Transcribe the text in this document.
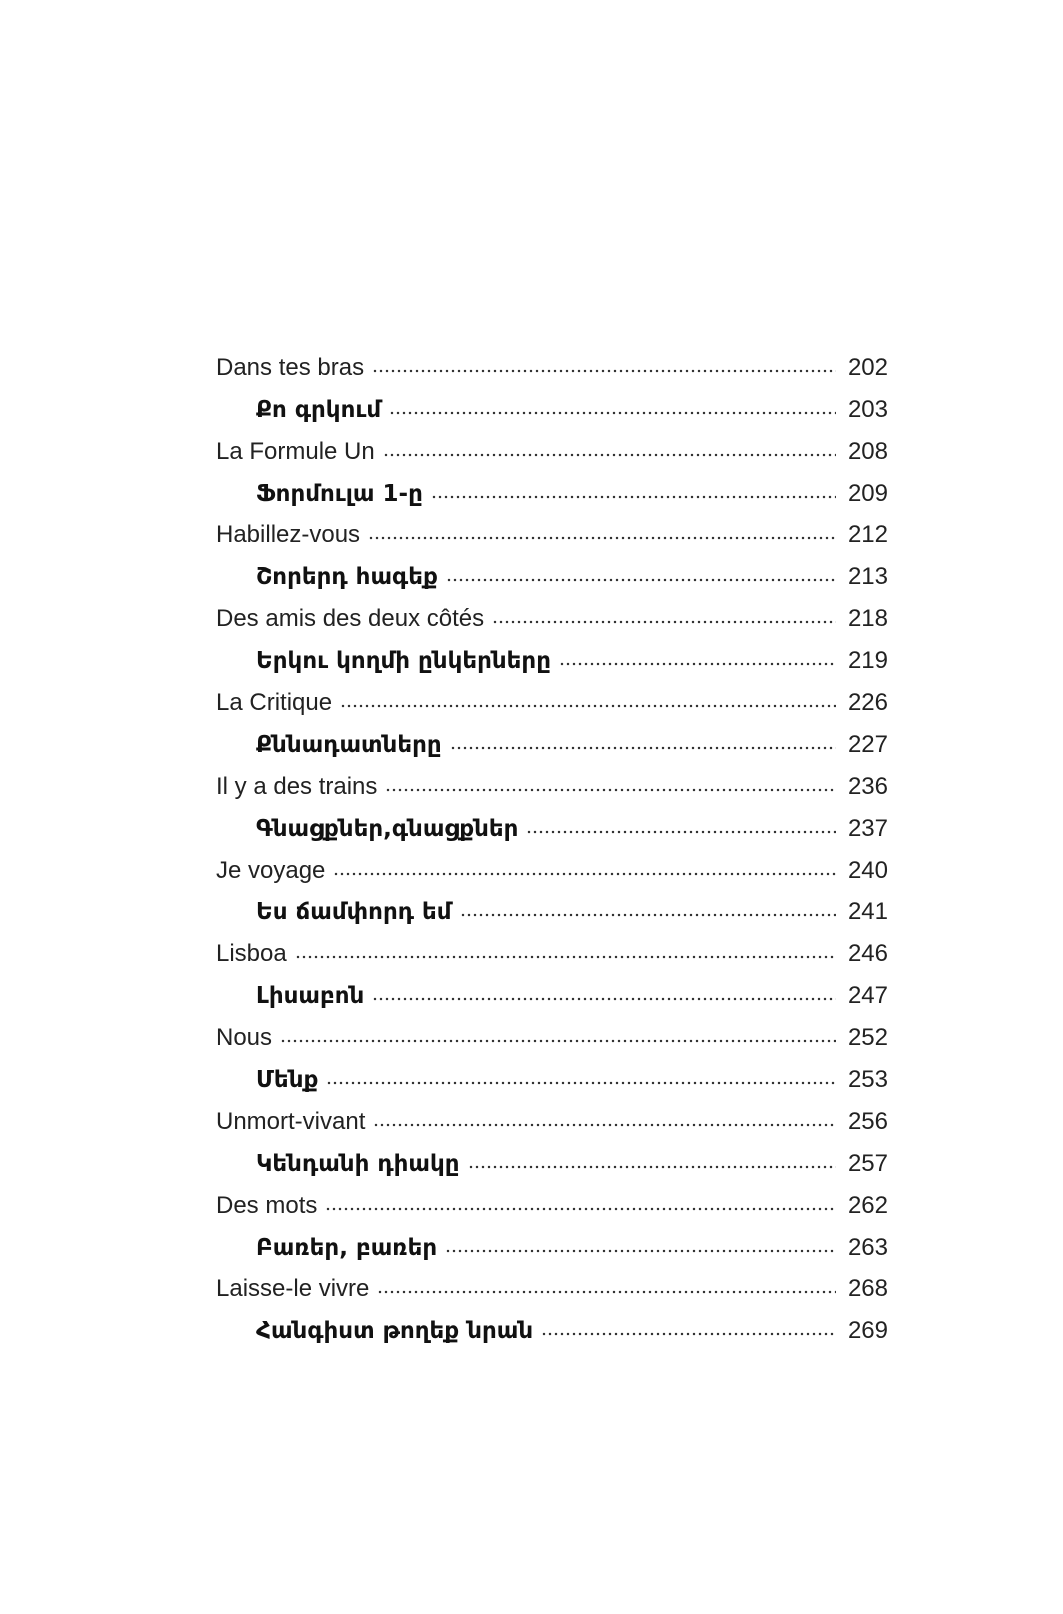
Dans tes bras	202
Քո գրկում	203
La Formule Un	208
Ֆորմուլա 1-ը	209
Habillez-vous	212
Շորերդ հագեք	213
Des amis des deux côtés	218
Երկու կողմի ընկերները	219
La Critique	226
Քննադատները	227
Il y a des trains	236
Գնացքներ,գնացքներ	237
Je voyage	240
Ես ճամփորդ եմ	241
Lisboa	246
Լիսաբոն	247
Nous	252
Մենք	253
Unmort-vivant	256
Կենդանի դիակը	257
Des mots	262
Բառեր, բառեր	263
Laisse-le vivre	268
Հանգիստ թողեք նրան	269
